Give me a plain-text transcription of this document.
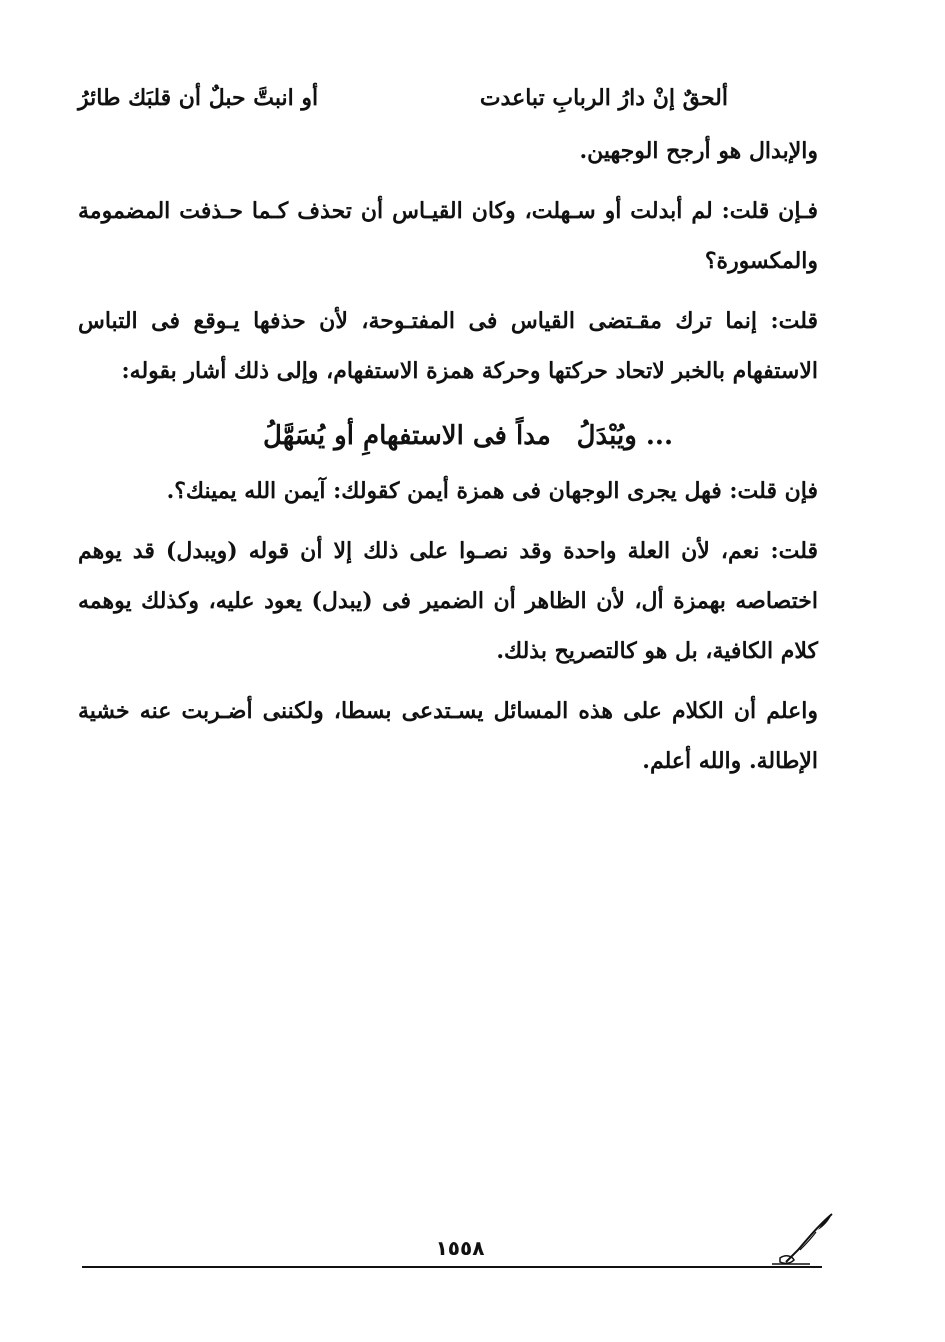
ألحقٌ إنْ دارُ الربابِ تباعدت
أو انبتَّ حبلٌ أن قلبَك طائرُ

والإبدال هو أرجح الوجهين.

فـإن قلت: لم أبدلت أو سـهلت، وكان القيـاس أن تحذف كـما حـذفت المضمومة والمكسورة؟

قلت: إنما ترك مقـتضى القياس فى المفتـوحة، لأن حذفها يـوقع فى التباس الاستفهام بالخبر لاتحاد حركتها وحركة همزة الاستفهام، وإلى ذلك أشار بقوله:

... ويُبْدَلُ
مداً فى الاستفهامِ أو يُسَهَّلُ

فإن قلت: فهل يجرى الوجهان فى همزة أيمن كقولك: آيمن الله يمينك؟.

قلت: نعم، لأن العلة واحدة وقد نصـوا على ذلك إلا أن قوله (ويبدل) قد يوهم اختصاصه بهمزة أل، لأن الظاهر أن الضمير فى (يبدل) يعود عليه، وكذلك يوهمه كلام الكافية، بل هو كالتصريح بذلك.

واعلم أن الكلام على هذه المسائل يسـتدعى بسطا، ولكننى أضـربت عنه خشية الإطالة. والله أعلم.

١٥٥٨
